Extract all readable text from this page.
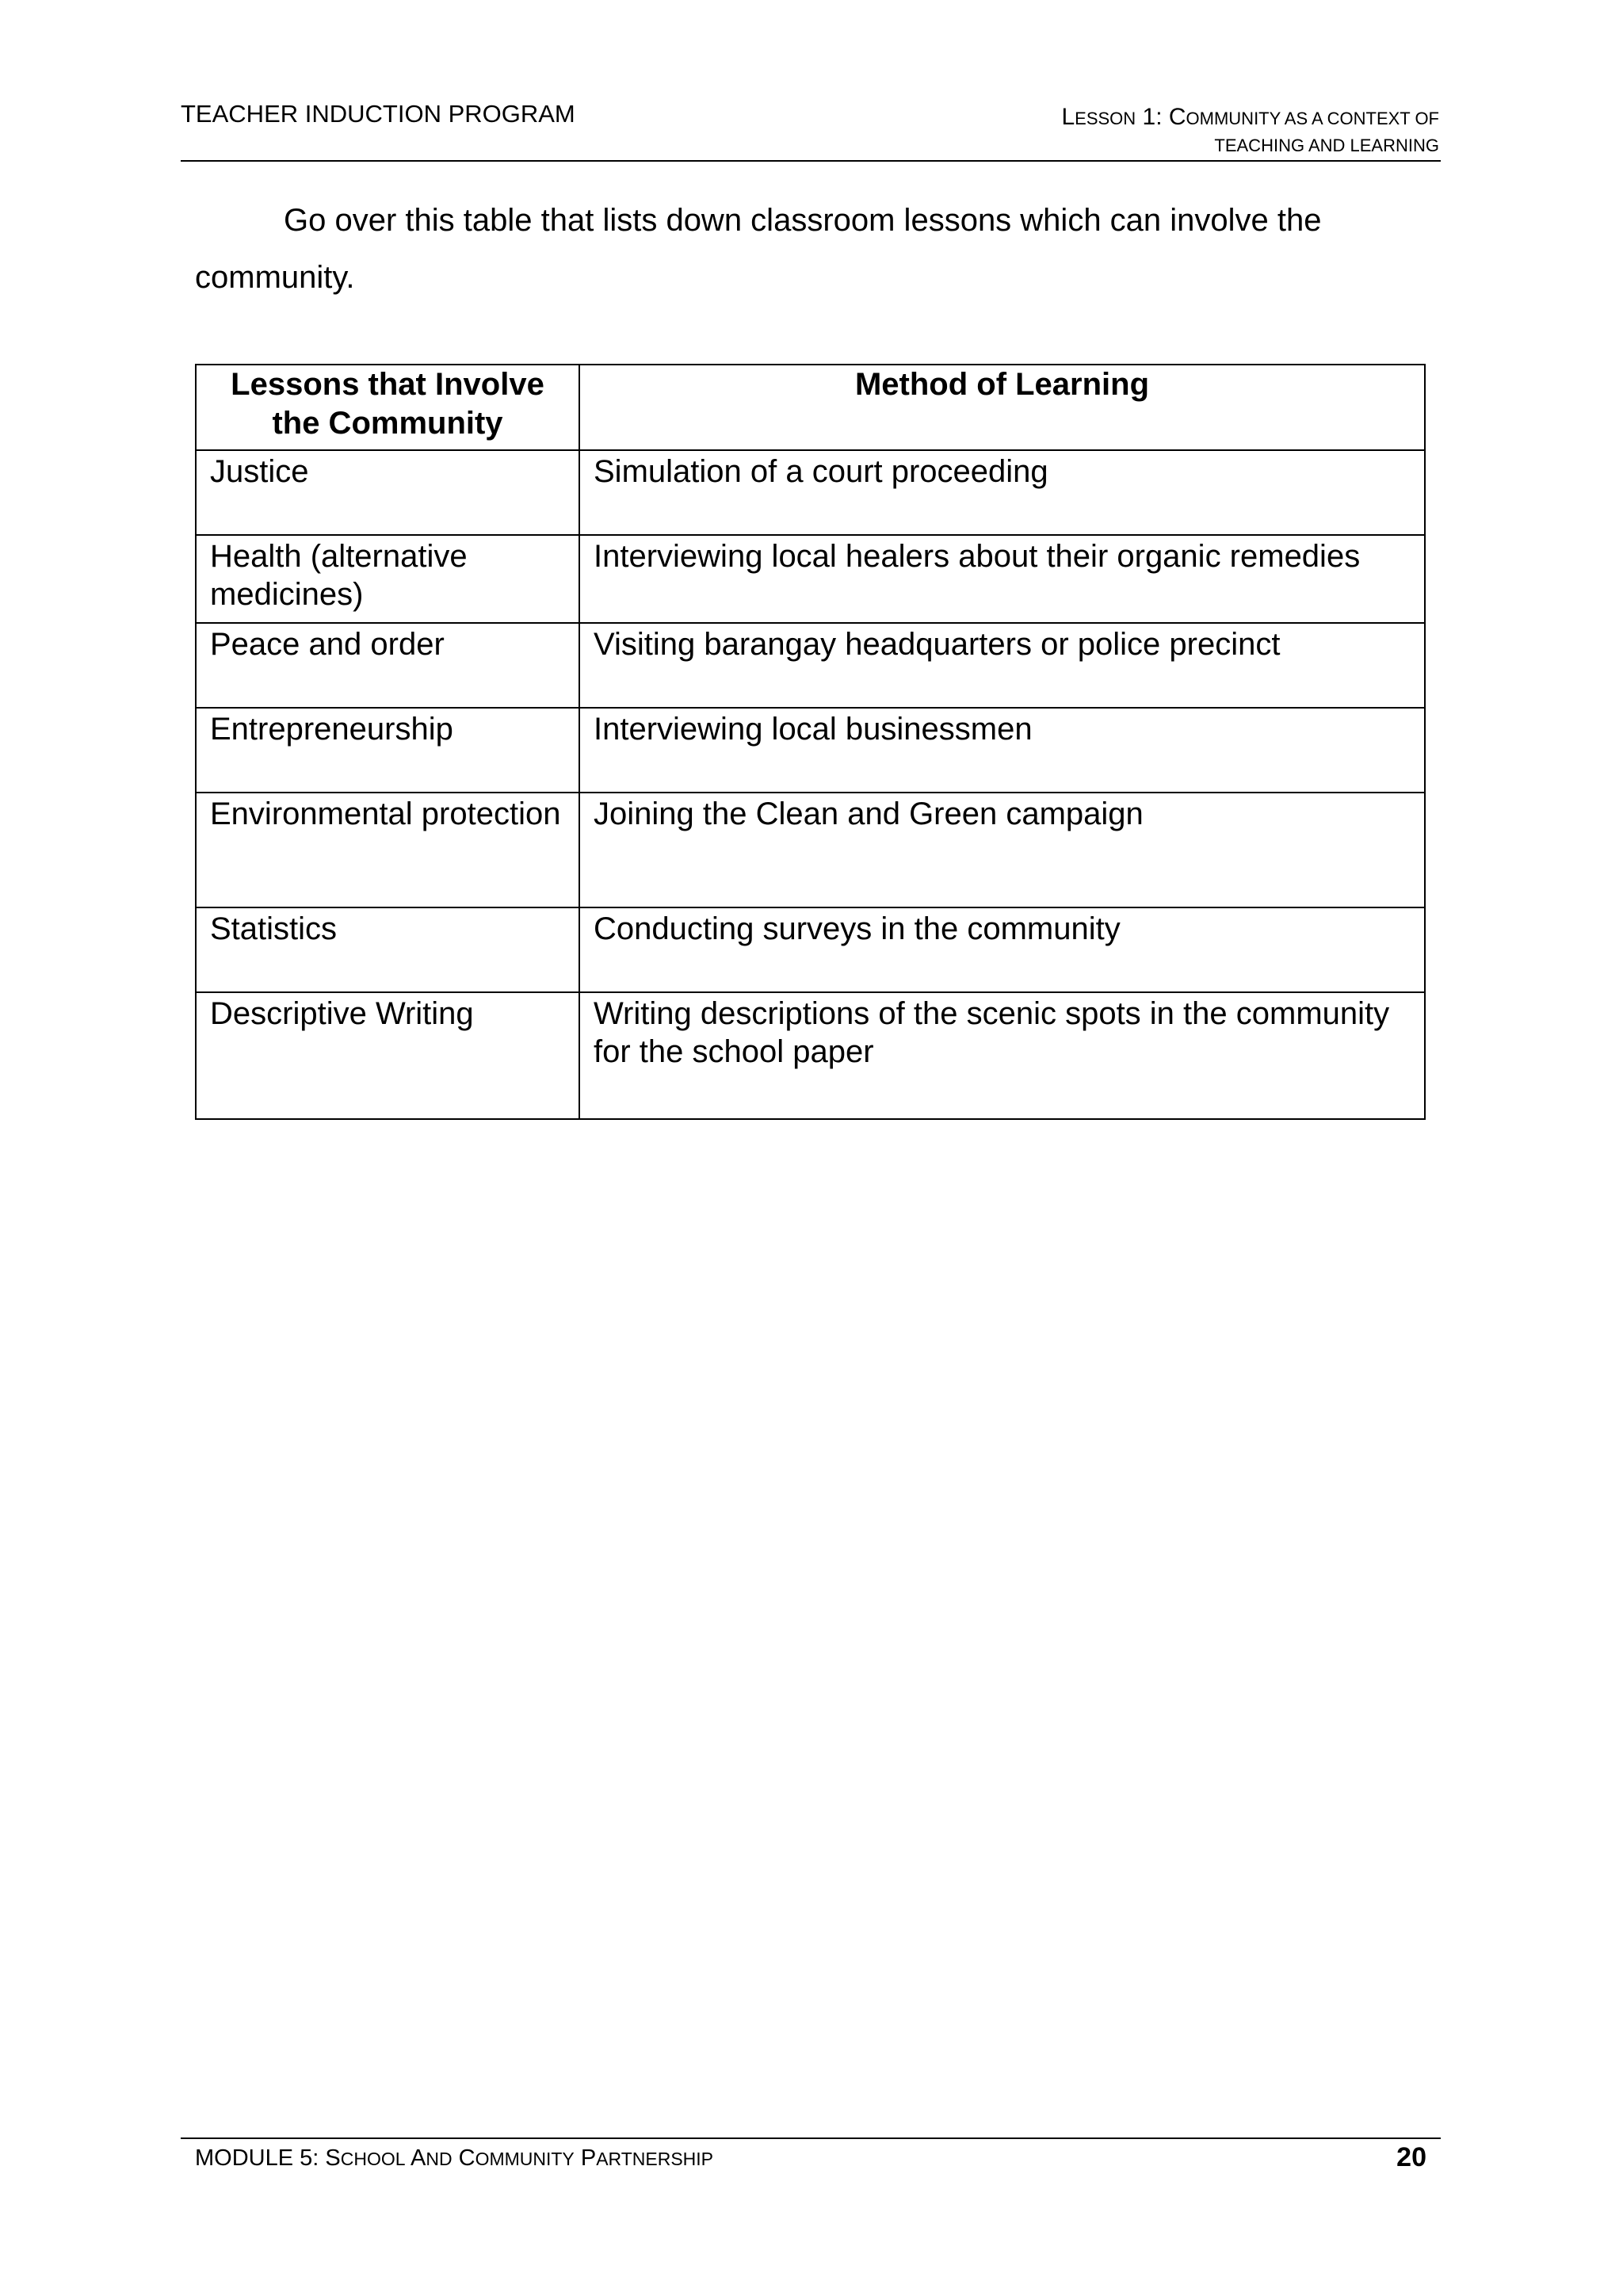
TEACHER INDUCTION PROGRAM	LESSON 1: COMMUNITY AS A CONTEXT OF
TEACHING AND LEARNING

Go over this table that lists down classroom lessons which can involve the community.

Lessons that Involve the Community	Method of Learning
Justice	Simulation of a court proceeding
Health (alternative medicines)	Interviewing local healers about their organic remedies
Peace and order	Visiting barangay headquarters or police precinct
Entrepreneurship	Interviewing local businessmen
Environmental protection	Joining the Clean and Green campaign
Statistics	Conducting surveys in the community
Descriptive Writing	Writing descriptions of the scenic spots in the community for the school paper
MODULE 5: SCHOOL AND COMMUNITY PARTNERSHIP	20
